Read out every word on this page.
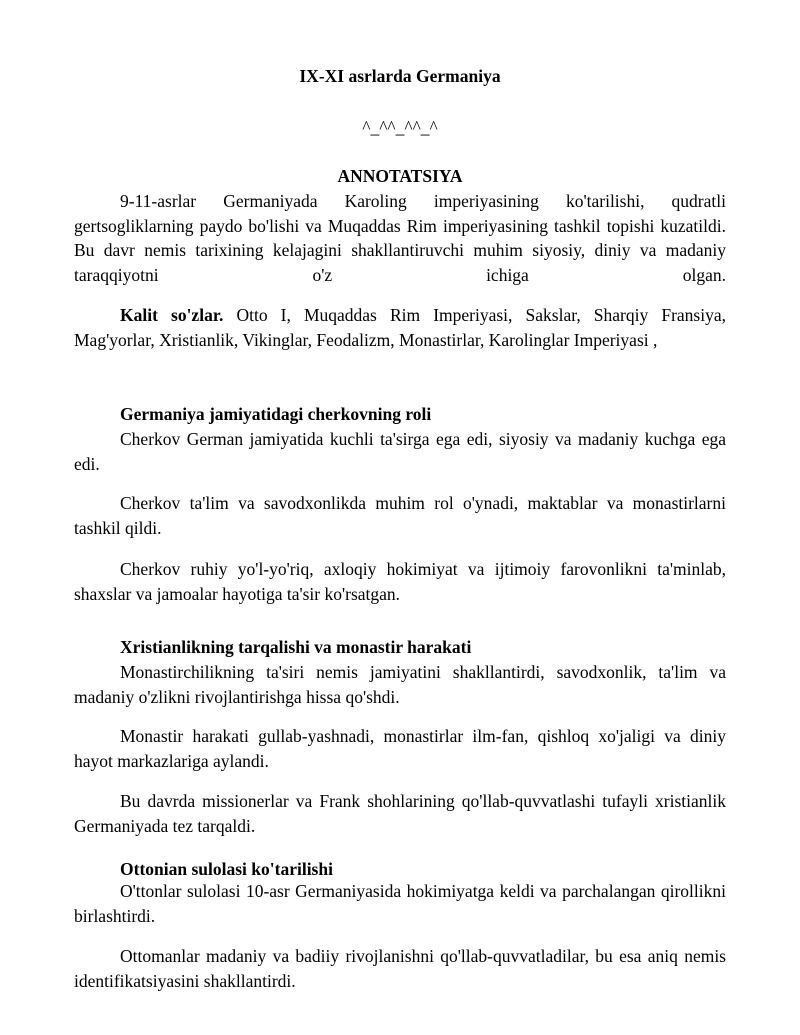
IX-XI asrlarda Germaniya
^_^^_^^_^
ANNOTATSIYA
9-11-asrlar Germaniyada Karoling imperiyasining ko'tarilishi, qudratli gertsogliklarning paydo bo'lishi va Muqaddas Rim imperiyasining tashkil topishi kuzatildi. Bu davr nemis tarixining kelajagini shakllantiruvchi muhim siyosiy, diniy va madaniy taraqqiyotni o'z ichiga olgan.
Kalit so'zlar. Otto I, Muqaddas Rim Imperiyasi, Sakslar, Sharqiy Fransiya, Mag'yorlar, Xristianlik, Vikinglar, Feodalizm, Monastirlar, Karolinglar Imperiyasi ,
Germaniya jamiyatidagi cherkovning roli
Cherkov German jamiyatida kuchli ta'sirga ega edi, siyosiy va madaniy kuchga ega edi.
Cherkov ta'lim va savodxonlikda muhim rol o'ynadi, maktablar va monastirlarni tashkil qildi.
Cherkov ruhiy yo'l-yo'riq, axloqiy hokimiyat va ijtimoiy farovonlikni ta'minlab, shaxslar va jamoalar hayotiga ta'sir ko'rsatgan.
Xristianlikning tarqalishi va monastir harakati
Monastirchilikning ta'siri nemis jamiyatini shakllantirdi, savodxonlik, ta'lim va madaniy o'zlikni rivojlantirishga hissa qo'shdi.
Monastir harakati gullab-yashnadi, monastirlar ilm-fan, qishloq xo'jaligi va diniy hayot markazlariga aylandi.
Bu davrda missionerlar va Frank shohlarining qo'llab-quvvatlashi tufayli xristianlik Germaniyada tez tarqaldi.
Ottonian sulolasi ko'tarilishi
O'ttonlar sulolasi 10-asr Germaniyasida hokimiyatga keldi va parchalangan qirollikni birlashtirdi.
Ottomanlar madaniy va badiiy rivojlanishni qo'llab-quvvatladilar, bu esa aniq nemis identifikatsiyasini shakllantirdi.
